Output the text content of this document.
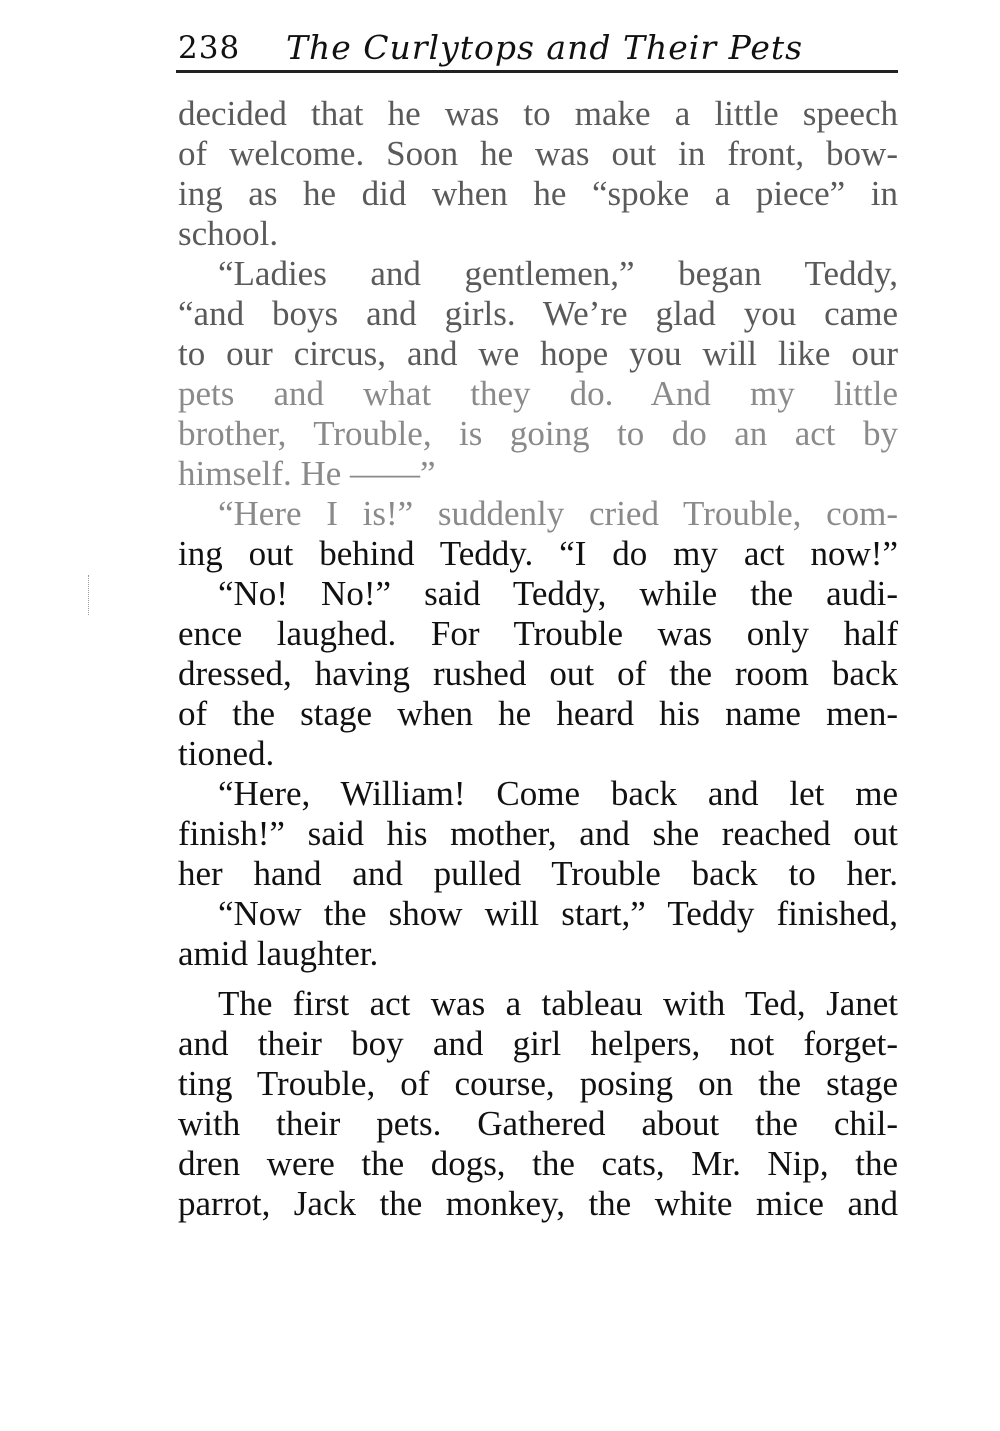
238 The Curlytops and Their Pets
decided that he was to make a little speech
of welcome. Soon he was out in front, bow-
ing as he did when he “spoke a piece” in
school.
“Ladies and gentlemen,” began Teddy,
“and boys and girls. We’re glad you came
to our circus, and we hope you will like our
pets and what they do. And my little
brother, Trouble, is going to do an act by
himself. He ——”
“Here I is!” suddenly cried Trouble, com-
ing out behind Teddy. “I do my act now!”
“No! No!” said Teddy, while the audi-
ence laughed. For Trouble was only half
dressed, having rushed out of the room back
of the stage when he heard his name men-
tioned.
“Here, William! Come back and let me
finish!” said his mother, and she reached out
her hand and pulled Trouble back to her.
“Now the show will start,” Teddy finished,
amid laughter.
The first act was a tableau with Ted, Janet
and their boy and girl helpers, not forget-
ting Trouble, of course, posing on the stage
with their pets. Gathered about the chil-
dren were the dogs, the cats, Mr. Nip, the
parrot, Jack the monkey, the white mice and
